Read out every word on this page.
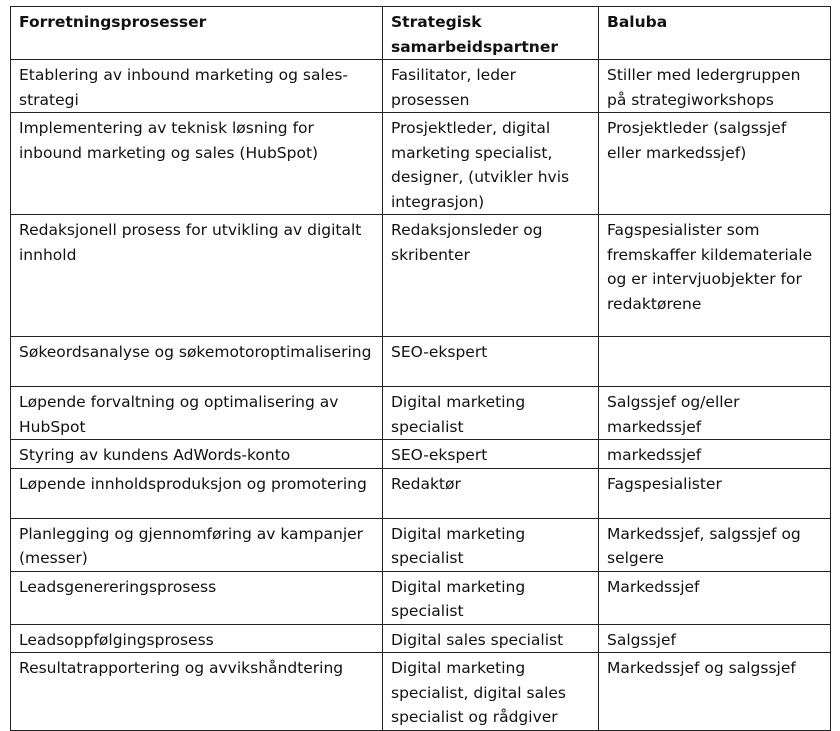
Forretningsprosesser	Strategisk samarbeidspartner	Baluba
Etablering av inbound marketing og sales-strategi	Fasilitator, leder prosessen	Stiller med ledergruppen på strategiworkshops
Implementering av teknisk løsning for inbound marketing og sales (HubSpot)	Prosjektleder, digital marketing specialist, designer, (utvikler hvis integrasjon)	Prosjektleder (salgssjef eller markedssjef)
Redaksjonell prosess for utvikling av digitalt innhold	Redaksjonsleder og skribenter	Fagspesialister som fremskaffer kildemateriale og er intervjuobjekter for redaktørene
Søkeordsanalyse og søkemotoroptimalisering	SEO-ekspert	
Løpende forvaltning og optimalisering av HubSpot	Digital marketing specialist	Salgssjef og/eller markedssjef
Styring av kundens AdWords-konto	SEO-ekspert	markedssjef
Løpende innholdsproduksjon og promotering	Redaktør	Fagspesialister
Planlegging og gjennomføring av kampanjer (messer)	Digital marketing specialist	Markedssjef, salgssjef og selgere
Leadsgenereringsprosess	Digital marketing specialist	Markedssjef
Leadsoppfølgingsprosess	Digital sales specialist	Salgssjef
Resultatrapportering og avvikshåndtering	Digital marketing specialist, digital sales specialist og rådgiver	Markedssjef og salgssjef
